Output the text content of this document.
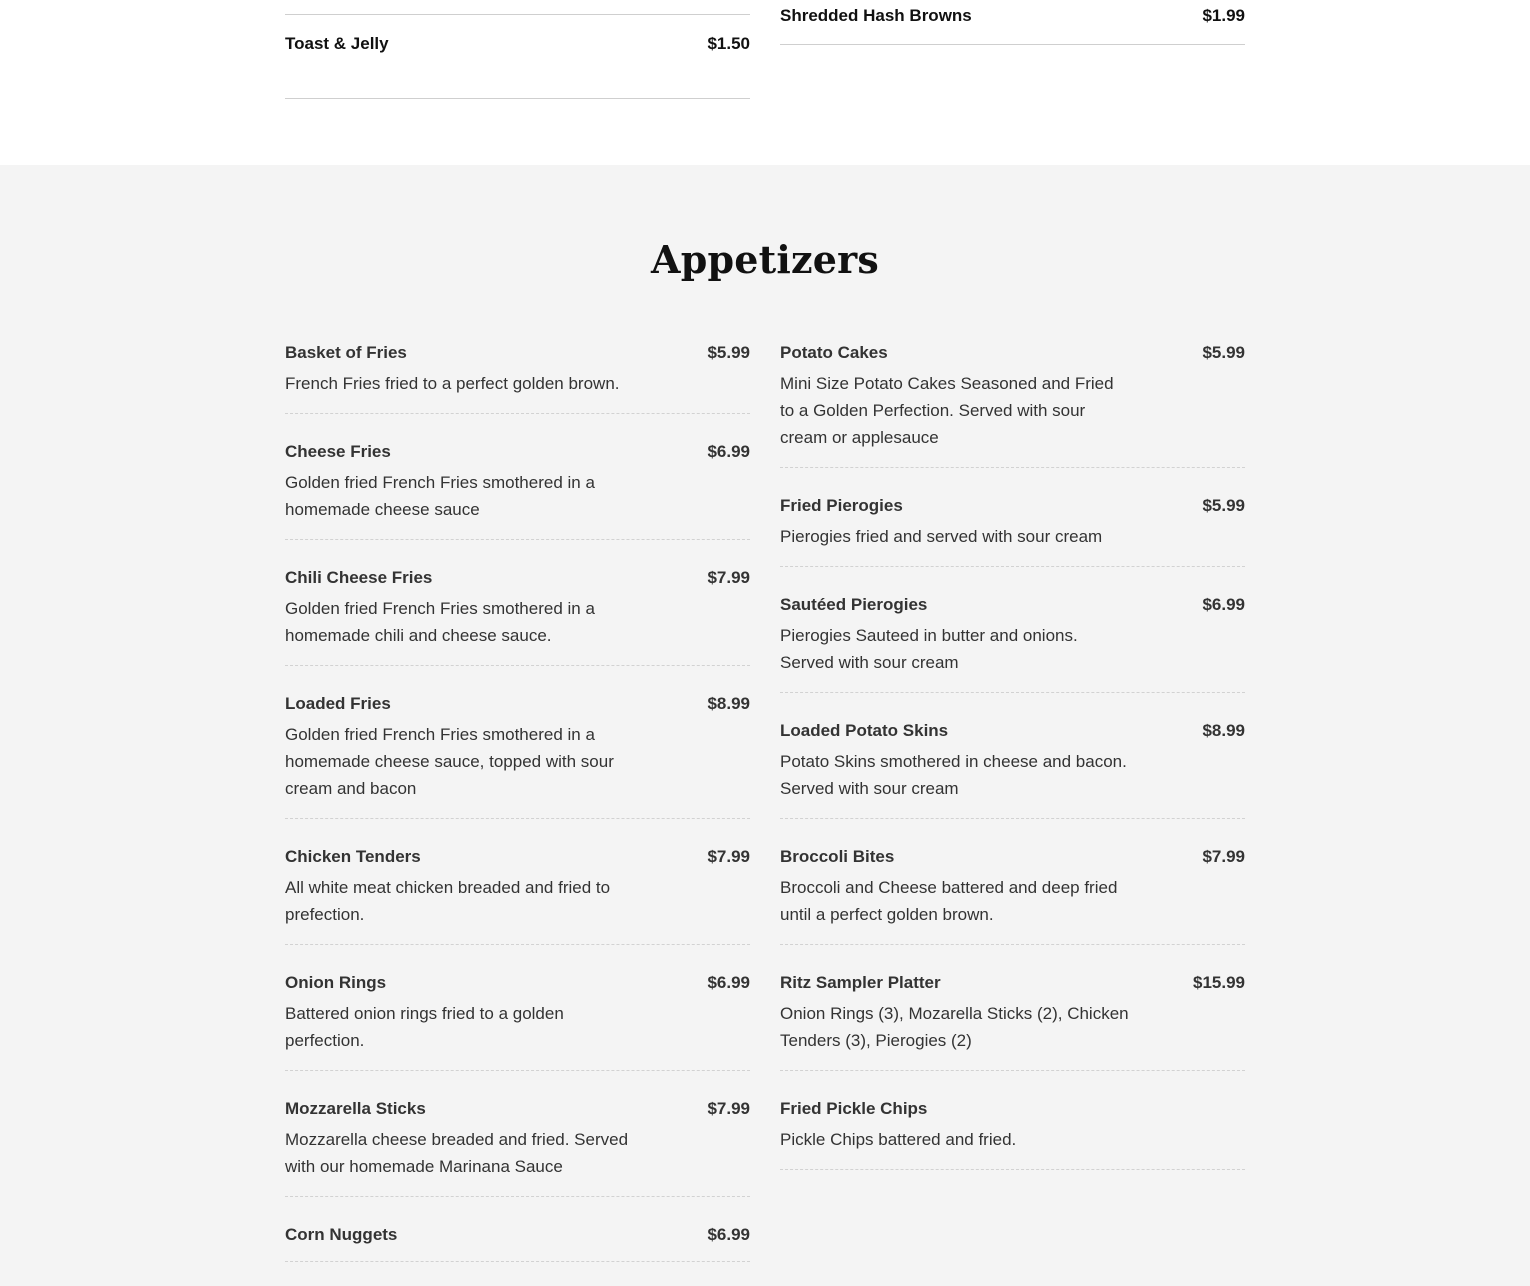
Toast & Jelly	$1.50
Shredded Hash Browns	$1.99
Appetizers
Basket of Fries	$5.99
French Fries fried to a perfect golden brown.
Cheese Fries	$6.99
Golden fried French Fries smothered in a homemade cheese sauce
Chili Cheese Fries	$7.99
Golden fried French Fries smothered in a homemade chili and cheese sauce.
Loaded Fries	$8.99
Golden fried French Fries smothered in a homemade cheese sauce, topped with sour cream and bacon
Chicken Tenders	$7.99
All white meat chicken breaded and fried to prefection.
Onion Rings	$6.99
Battered onion rings fried to a golden perfection.
Mozzarella Sticks	$7.99
Mozzarella cheese breaded and fried. Served with our homemade Marinana Sauce
Corn Nuggets	$6.99
Potato Cakes	$5.99
Mini Size Potato Cakes Seasoned and Fried to a Golden Perfection. Served with sour cream or applesauce
Fried Pierogies	$5.99
Pierogies fried and served with sour cream
Sautéed Pierogies	$6.99
Pierogies Sauteed in butter and onions. Served with sour cream
Loaded Potato Skins	$8.99
Potato Skins smothered in cheese and bacon. Served with sour cream
Broccoli Bites	$7.99
Broccoli and Cheese battered and deep fried until a perfect golden brown.
Ritz Sampler Platter	$15.99
Onion Rings (3), Mozarella Sticks (2), Chicken Tenders (3), Pierogies (2)
Fried Pickle Chips
Pickle Chips battered and fried.
